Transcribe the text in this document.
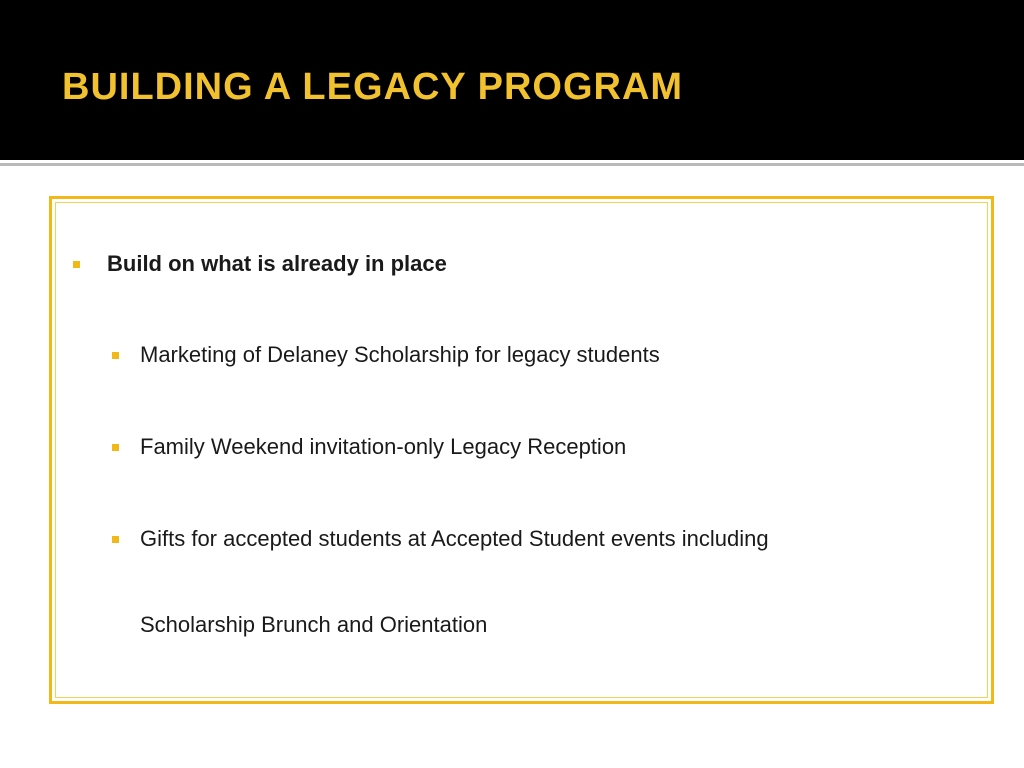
BUILDING A LEGACY PROGRAM
Build on what is already in place
Marketing of Delaney Scholarship for legacy students
Family Weekend invitation-only Legacy Reception
Gifts for accepted students at Accepted Student events including
Scholarship Brunch and Orientation
